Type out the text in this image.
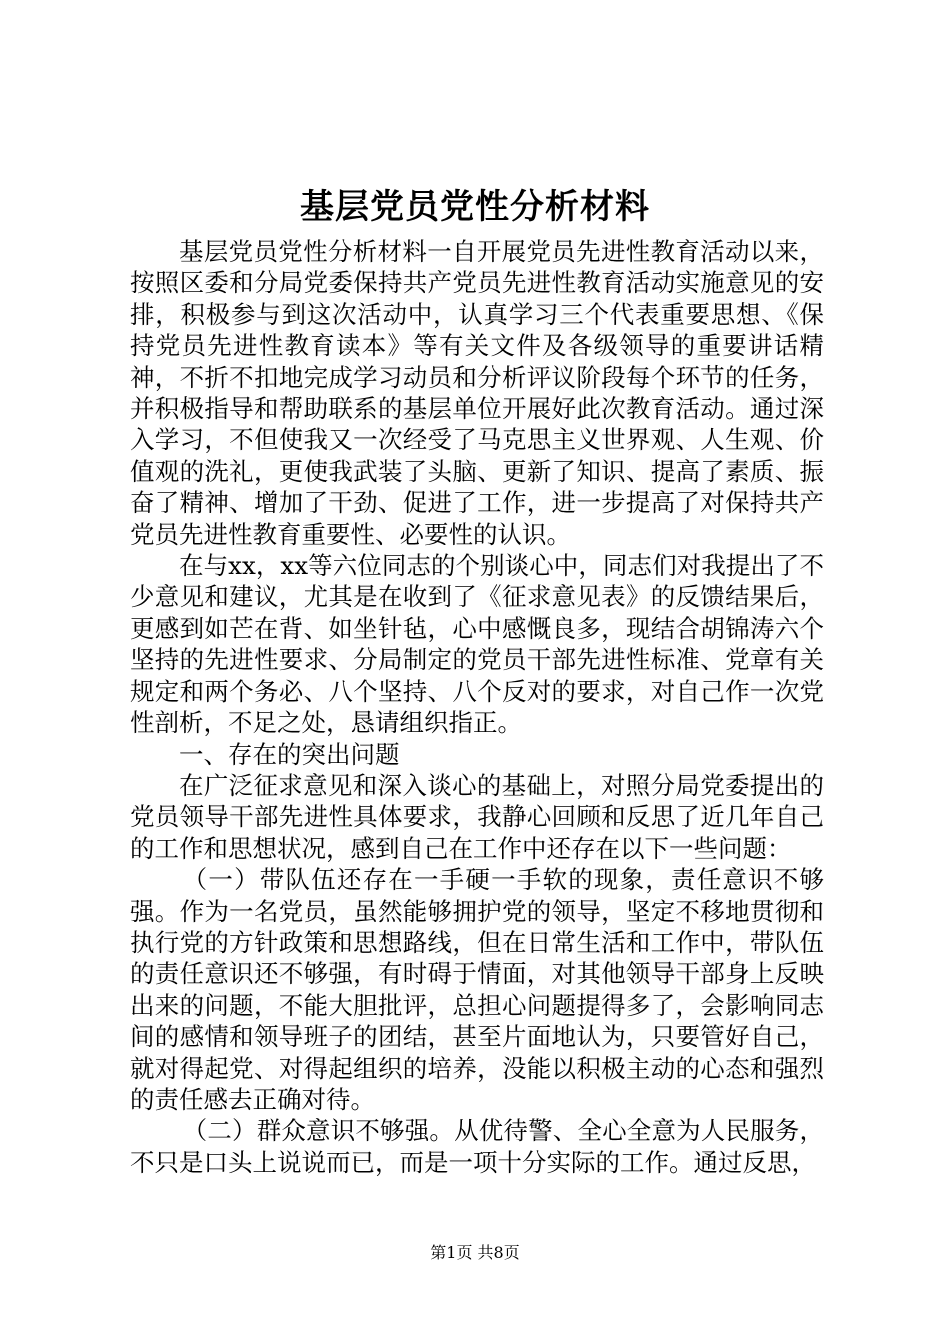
基层党员党性分析材料

基层党员党性分析材料一自开展党员先进性教育活动以来，按照区委和分局党委保持共产党员先进性教育活动实施意见的安排，积极参与到这次活动中，认真学习三个代表重要思想、《保持党员先进性教育读本》等有关文件及各级领导的重要讲话精神，不折不扣地完成学习动员和分析评议阶段每个环节的任务，并积极指导和帮助联系的基层单位开展好此次教育活动。通过深入学习，不但使我又一次经受了马克思主义世界观、人生观、价值观的洗礼，更使我武装了头脑、更新了知识、提高了素质、振奋了精神、增加了干劲、促进了工作，进一步提高了对保持共产党员先进性教育重要性、必要性的认识。

在与xx，xx等六位同志的个别谈心中，同志们对我提出了不少意见和建议，尤其是在收到了《征求意见表》的反馈结果后，更感到如芒在背、如坐针毡，心中感慨良多，现结合胡锦涛六个坚持的先进性要求、分局制定的党员干部先进性标准、党章有关规定和两个务必、八个坚持、八个反对的要求，对自己作一次党性剖析，不足之处，恳请组织指正。

一、存在的突出问题

在广泛征求意见和深入谈心的基础上，对照分局党委提出的党员领导干部先进性具体要求，我静心回顾和反思了近几年自己的工作和思想状况，感到自己在工作中还存在以下一些问题：

（一）带队伍还存在一手硬一手软的现象，责任意识不够强。作为一名党员，虽然能够拥护党的领导，坚定不移地贯彻和执行党的方针政策和思想路线，但在日常生活和工作中，带队伍的责任意识还不够强，有时碍于情面，对其他领导干部身上反映出来的问题，不能大胆批评，总担心问题提得多了，会影响同志间的感情和领导班子的团结，甚至片面地认为，只要管好自己，就对得起党、对得起组织的培养，没能以积极主动的心态和强烈的责任感去正确对待。

（二）群众意识不够强。从优待警、全心全意为人民服务，不只是口头上说说而已，而是一项十分实际的工作。通过反思，

第1页 共8页
